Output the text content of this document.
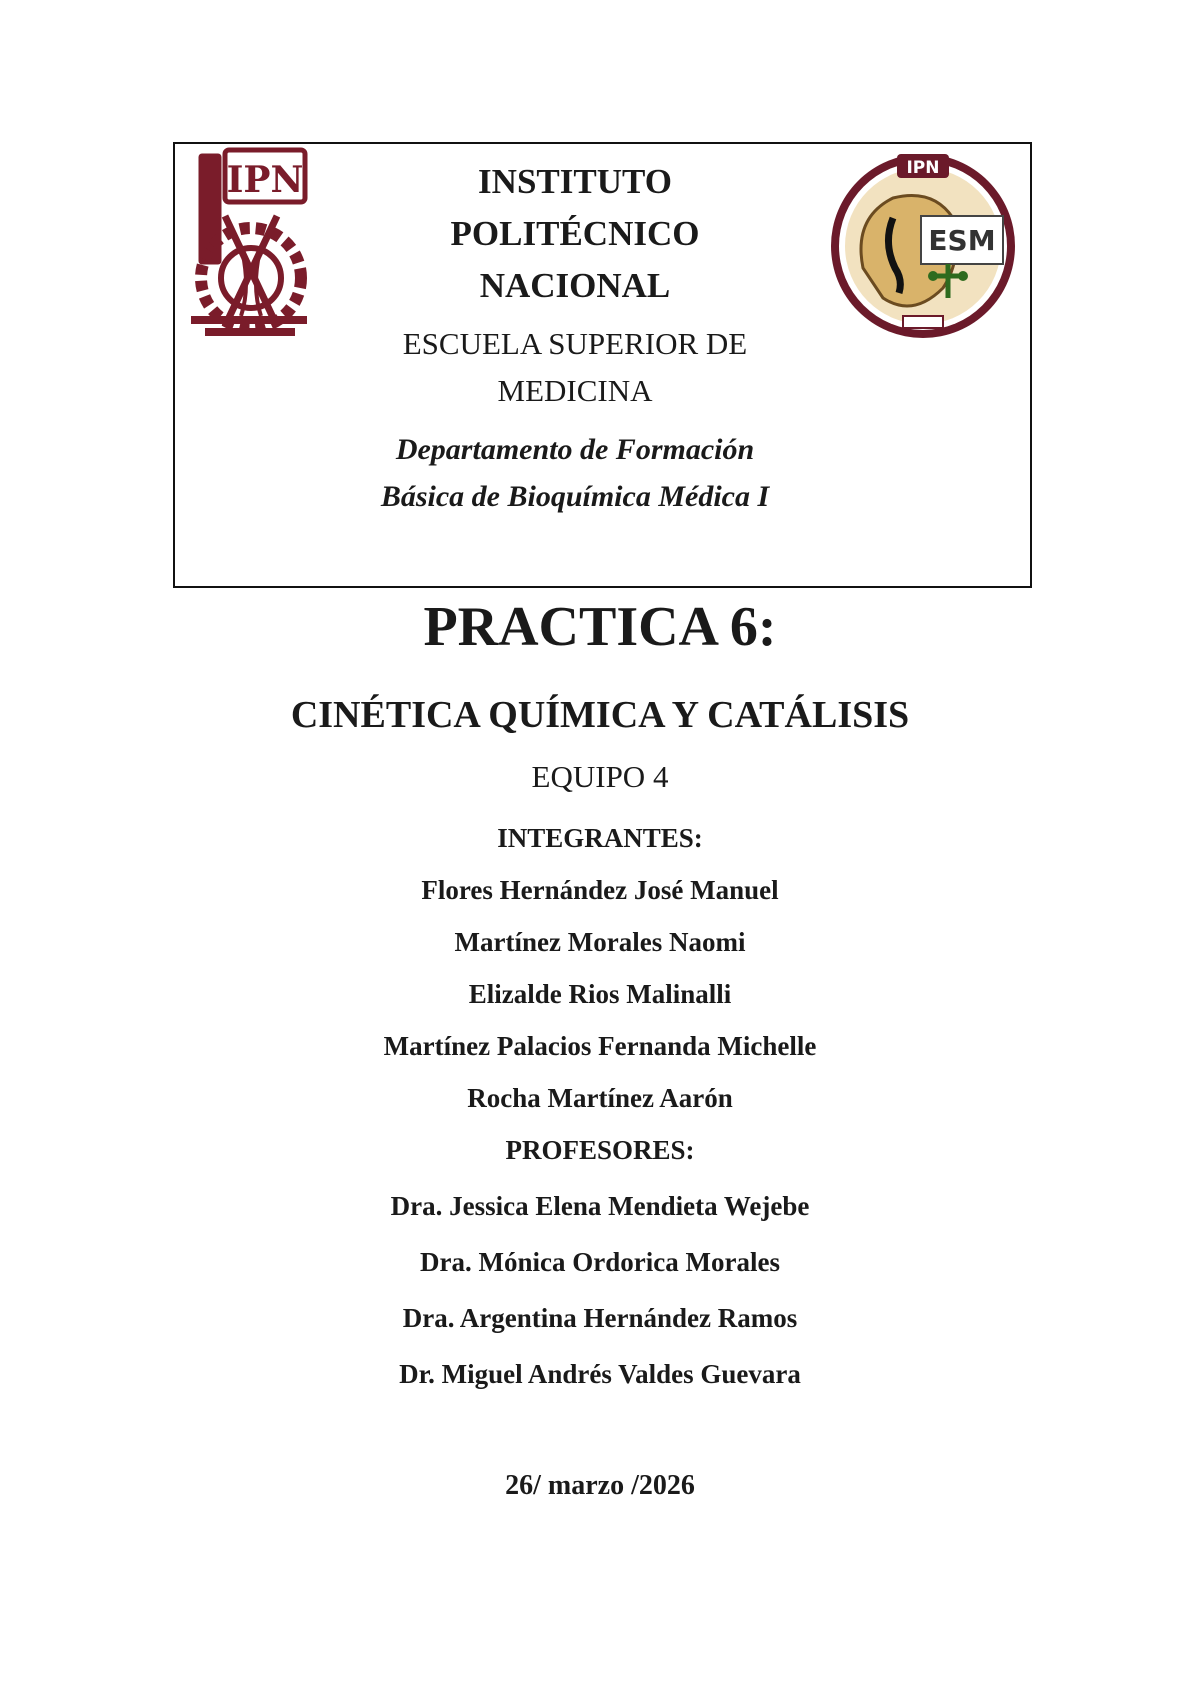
IPN	INSTITUTO
POLITÉCNICO
NACIONAL
IPN
ESM
ESCUELA SUPERIOR DE
MEDICINA
Departamento de Formación
Básica de Bioquímica Médica I
PRACTICA 6:
CINÉTICA QUÍMICA Y CATÁLISIS
EQUIPO 4
INTEGRANTES:
Flores Hernández José Manuel
Martínez Morales Naomi
Elizalde Rios Malinalli
Martínez Palacios Fernanda Michelle
Rocha Martínez Aarón
PROFESORES:
Dra. Jessica Elena Mendieta Wejebe
Dra. Mónica Ordorica Morales
Dra. Argentina Hernández Ramos
Dr. Miguel Andrés Valdes Guevara
26/ marzo /2026
